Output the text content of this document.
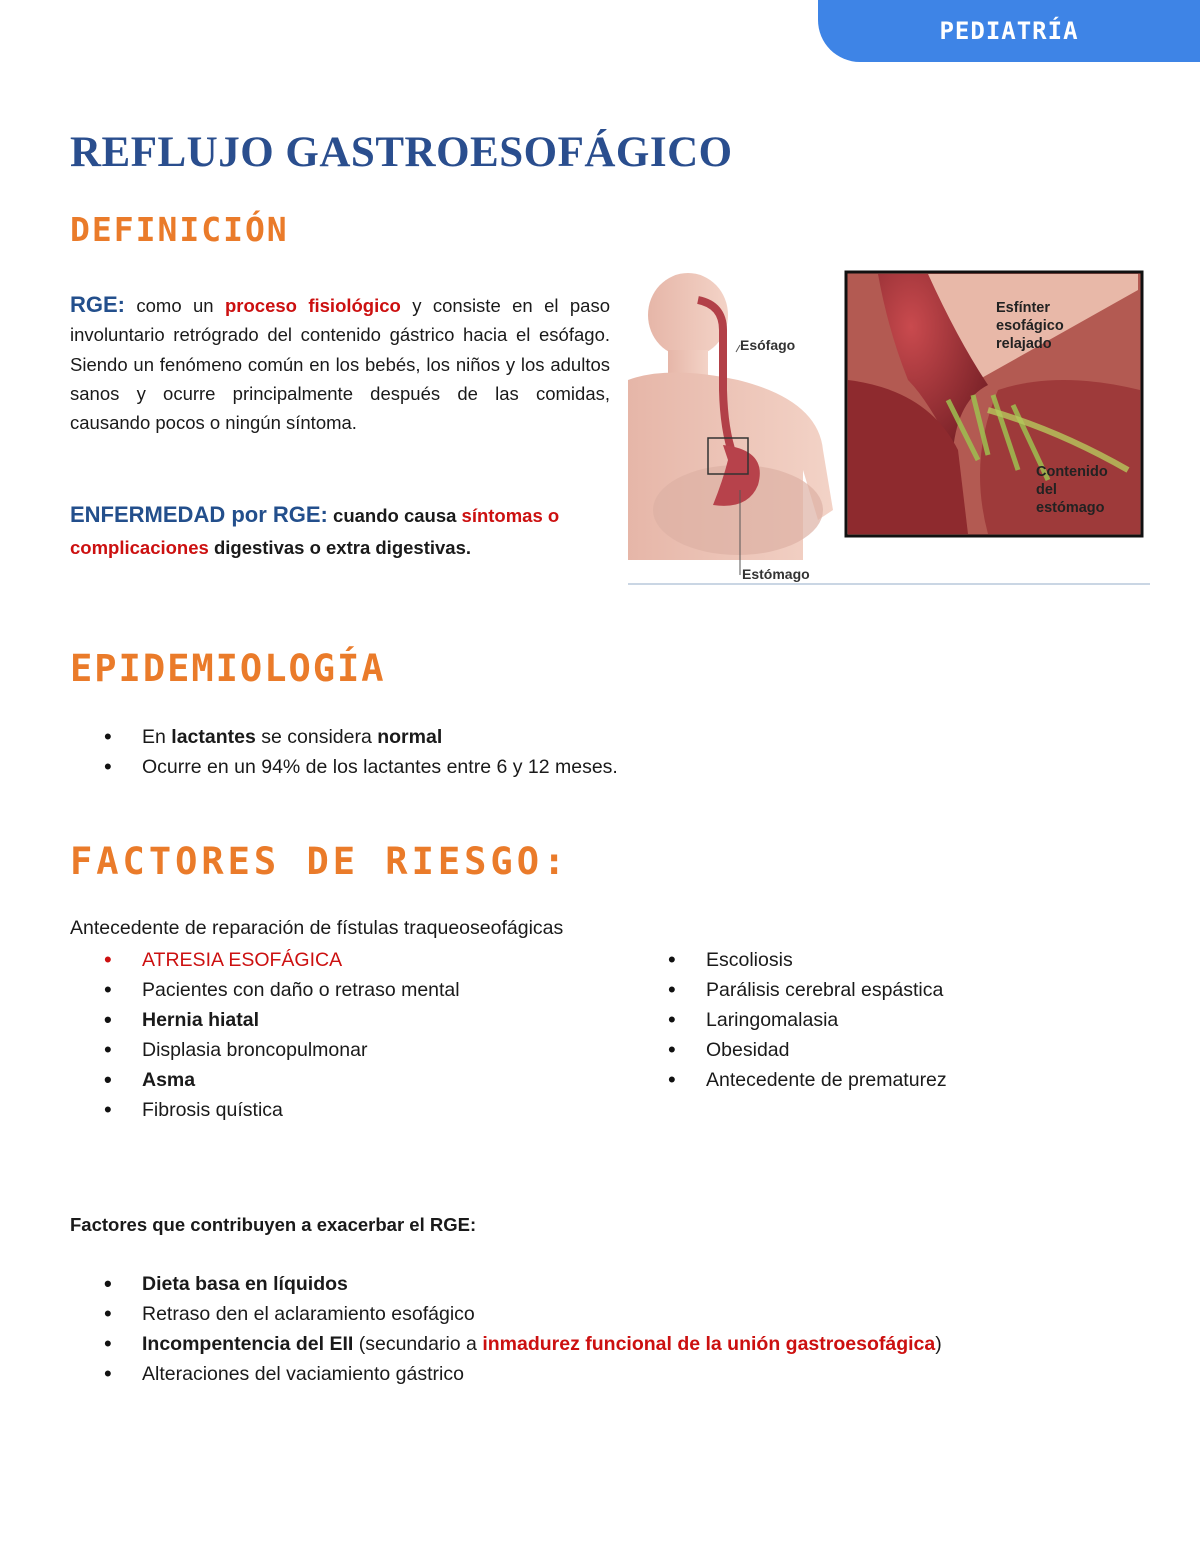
PEDIATRÍA
REFLUJO GASTROESOFÁGICO
DEFINICIÓN
RGE: como un proceso fisiológico y consiste en el paso involuntario retrógrado del contenido gástrico hacia el esófago. Siendo un fenómeno común en los bebés, los niños y los adultos sanos y ocurre principalmente después de las comidas, causando pocos o ningún síntoma.
ENFERMEDAD por RGE: cuando causa síntomas o complicaciones digestivas o extra digestivas.
Esófago
Estómago
Esfínter esofágico relajado
Contenido del estómago
EPIDEMIOLOGÍA
• En lactantes se considera normal
• Ocurre en un 94% de los lactantes entre 6 y 12 meses.
FACTORES DE RIESGO:
Antecedente de reparación de fístulas traqueoseofágicas
• ATRESIA ESOFÁGICA
• Pacientes con daño o retraso mental
• Hernia hiatal
• Displasia broncopulmonar
• Asma
• Fibrosis quística
• Escoliosis
• Parálisis cerebral espástica
• Laringomalasia
• Obesidad
• Antecedente de prematurez
Factores que contribuyen a exacerbar el RGE:
• Dieta basa en líquidos
• Retraso den el aclaramiento esofágico
• Incompentencia del EII (secundario a inmadurez funcional de la unión gastroesofágica)
• Alteraciones del vaciamiento gástrico
